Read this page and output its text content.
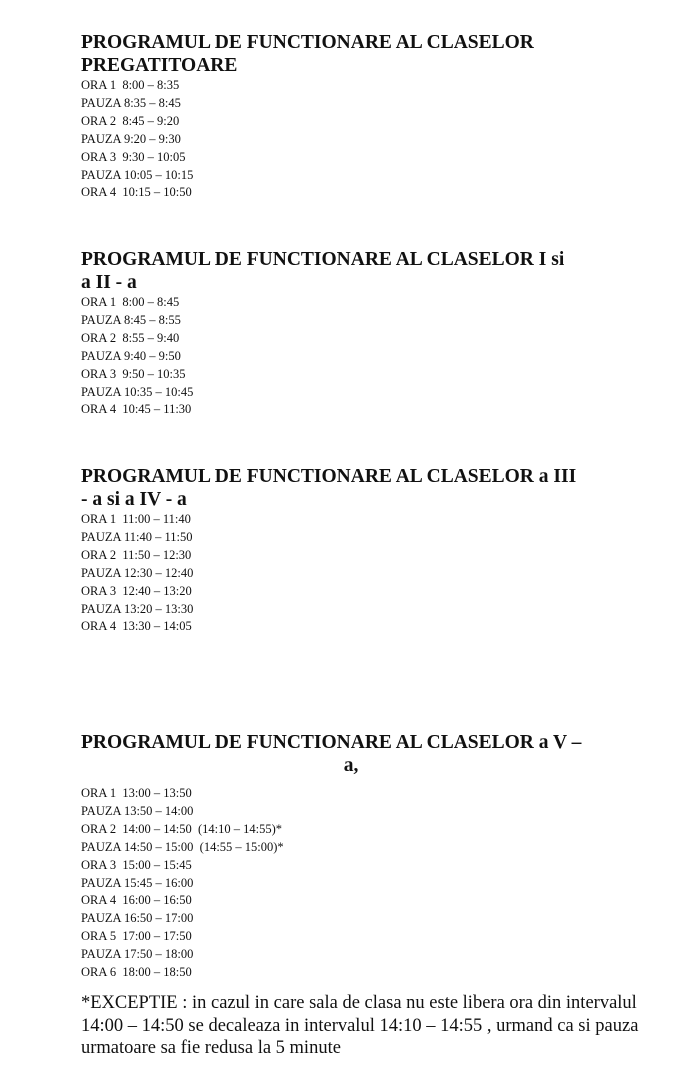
PROGRAMUL DE FUNCTIONARE AL CLASELOR
PREGATITOARE
ORA 1  8:00 – 8:35
PAUZA 8:35 – 8:45
ORA 2  8:45 – 9:20
PAUZA 9:20 – 9:30
ORA 3  9:30 – 10:05
PAUZA 10:05 – 10:15
ORA 4  10:15 – 10:50
PROGRAMUL DE FUNCTIONARE AL CLASELOR I si
a II - a
ORA 1  8:00 – 8:45
PAUZA 8:45 – 8:55
ORA 2  8:55 – 9:40
PAUZA 9:40 – 9:50
ORA 3  9:50 – 10:35
PAUZA 10:35 – 10:45
ORA 4  10:45 – 11:30
PROGRAMUL DE FUNCTIONARE AL CLASELOR a III
- a si a IV - a
ORA 1  11:00 – 11:40
PAUZA 11:40 – 11:50
ORA 2  11:50 – 12:30
PAUZA 12:30 – 12:40
ORA 3  12:40 – 13:20
PAUZA 13:20 – 13:30
ORA 4  13:30 – 14:05
PROGRAMUL DE FUNCTIONARE AL CLASELOR a V –

a,
ORA 1  13:00 – 13:50
PAUZA 13:50 – 14:00
ORA 2  14:00 – 14:50  (14:10 – 14:55)*
PAUZA 14:50 – 15:00  (14:55 – 15:00)*
ORA 3  15:00 – 15:45
PAUZA 15:45 – 16:00
ORA 4  16:00 – 16:50
PAUZA 16:50 – 17:00
ORA 5  17:00 – 17:50
PAUZA 17:50 – 18:00
ORA 6  18:00 – 18:50

*EXCEPTIE : in cazul in care sala de clasa nu este libera ora din intervalul 14:00 – 14:50 se decaleaza in intervalul 14:10 – 14:55 , urmand ca si pauza urmatoare sa fie redusa la 5 minute
